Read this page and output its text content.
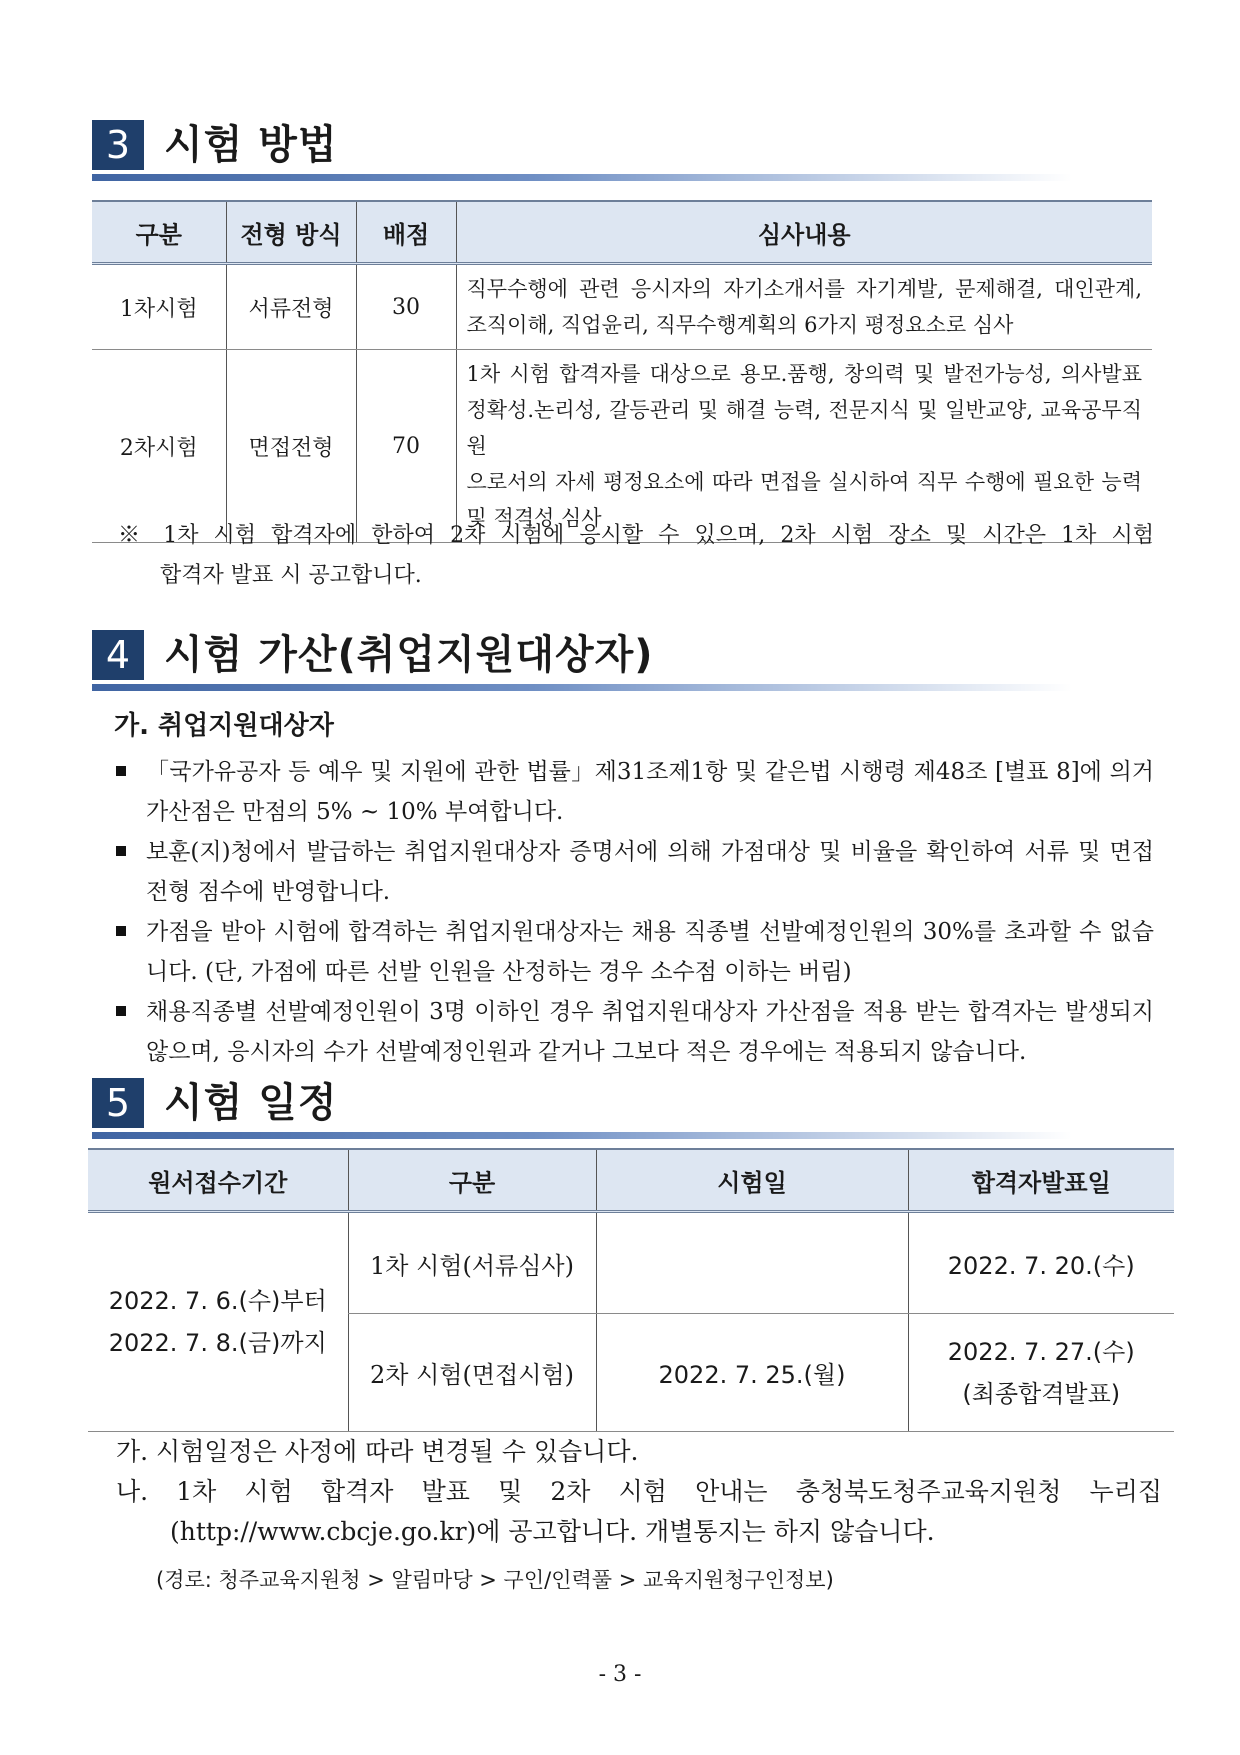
3 시험 방법
구분	전형 방식	배점	심사내용
1차시험	서류전형	30	직무수행에 관련 응시자의 자기소개서를 자기계발, 문제해결, 대인관계,
조직이해, 직업윤리, 직무수행계획의 6가지 평정요소로 심사

2차시험	면접전형	70	1차 시험 합격자를 대상으로 용모.품행, 창의력 및 발전가능성, 의사발표
정확성.논리성, 갈등관리 및 해결 능력, 전문지식 및 일반교양, 교육공무직원
으로서의 자세 평정요소에 따라 면접을 실시하여 직무 수행에 필요한 능력
및 적격성 심사
※ 1차 시험 합격자에 한하여 2차 시험에 응시할 수 있으며, 2차 시험 장소 및 시간은 1차 시험
합격자 발표 시 공고합니다.
4 시험 가산(취업지원대상자)
가. 취업지원대상자
「국가유공자 등 예우 및 지원에 관한 법률」제31조제1항 및 같은법 시행령 제48조 [별표 8]에 의거 가산점은 만점의 5% ~ 10% 부여합니다.
보훈(지)청에서 발급하는 취업지원대상자 증명서에 의해 가점대상 및 비율을 확인하여 서류 및 면접전형 점수에 반영합니다.
가점을 받아 시험에 합격하는 취업지원대상자는 채용 직종별 선발예정인원의 30%를 초과할 수 없습니다. (단, 가점에 따른 선발 인원을 산정하는 경우 소수점 이하는 버림)
채용직종별 선발예정인원이 3명 이하인 경우 취업지원대상자 가산점을 적용 받는 합격자는 발생되지 않으며, 응시자의 수가 선발예정인원과 같거나 그보다 적은 경우에는 적용되지 않습니다.
5 시험 일정
원서접수기간	구분	시험일	합격자발표일

2022. 7. 6.(수)부터
2022. 7. 8.(금)까지	1차 시험(서류심사)		2022. 7. 20.(수)

	2차 시험(면접시험)	2022. 7. 25.(월)	2022. 7. 27.(수)
(최종합격발표)
가. 시험일정은 사정에 따라 변경될 수 있습니다.
나. 1차 시험 합격자 발표 및 2차 시험 안내는 충청북도청주교육지원청 누리집
(http://www.cbcje.go.kr)에 공고합니다. 개별통지는 하지 않습니다.
(경로: 청주교육지원청 > 알림마당 > 구인/인력풀 > 교육지원청구인정보)
- 3 -
